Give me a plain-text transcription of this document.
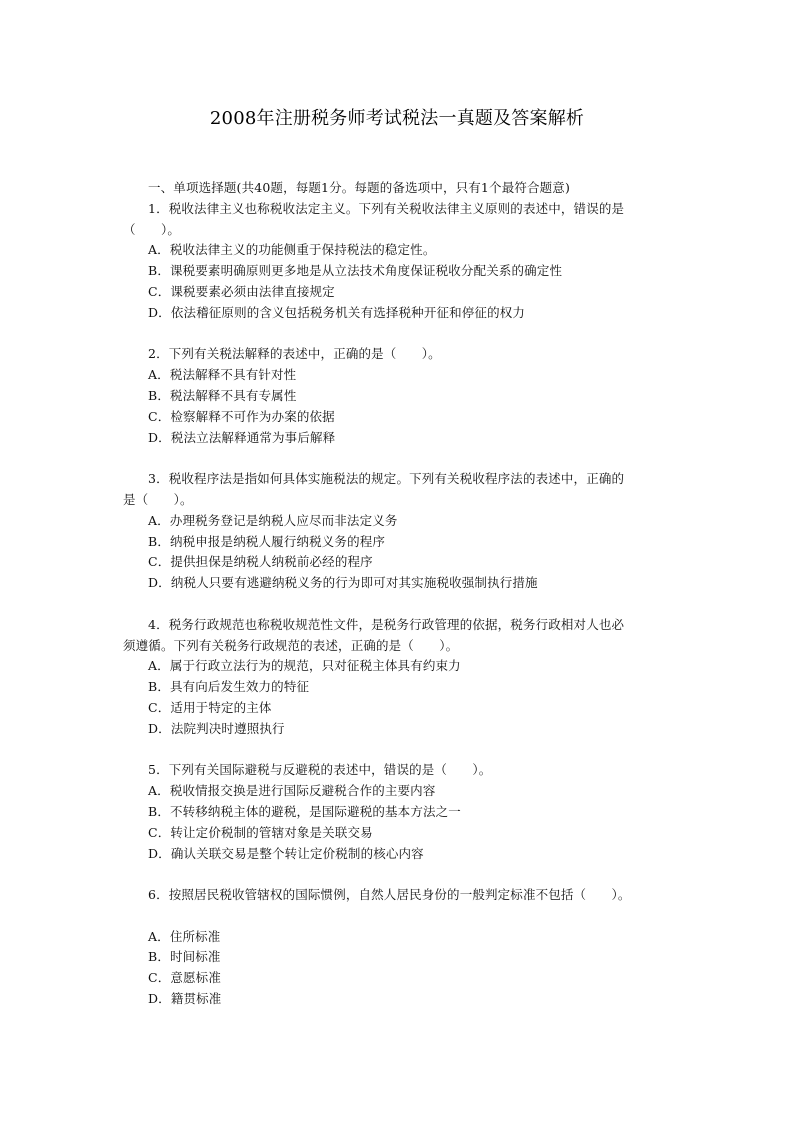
2008年注册税务师考试税法一真题及答案解析
一、单项选择题(共40题，每题1分。每题的备选项中，只有1个最符合题意)
1．税收法律主义也称税收法定主义。下列有关税收法律主义原则的表述中，错误的是
（　　）。
A．税收法律主义的功能侧重于保持税法的稳定性。
B．课税要素明确原则更多地是从立法技术角度保证税收分配关系的确定性
C．课税要素必须由法律直接规定
D．依法稽征原则的含义包括税务机关有选择税种开征和停征的权力
2．下列有关税法解释的表述中，正确的是（　　）。
A．税法解释不具有针对性
B．税法解释不具有专属性
C．检察解释不可作为办案的依据
D．税法立法解释通常为事后解释
3．税收程序法是指如何具体实施税法的规定。下列有关税收程序法的表述中，正确的
是（　　）。
A．办理税务登记是纳税人应尽而非法定义务
B．纳税申报是纳税人履行纳税义务的程序
C．提供担保是纳税人纳税前必经的程序
D．纳税人只要有逃避纳税义务的行为即可对其实施税收强制执行措施
4．税务行政规范也称税收规范性文件，是税务行政管理的依据，税务行政相对人也必
须遵循。下列有关税务行政规范的表述，正确的是（　　）。
A．属于行政立法行为的规范，只对征税主体具有约束力
B．具有向后发生效力的特征
C．适用于特定的主体
D．法院判决时遵照执行
5．下列有关国际避税与反避税的表述中，错误的是（　　）。
A．税收情报交换是进行国际反避税合作的主要内容
B．不转移纳税主体的避税，是国际避税的基本方法之一
C．转让定价税制的管辖对象是关联交易
D．确认关联交易是整个转让定价税制的核心内容
6．按照居民税收管辖权的国际惯例，自然人居民身份的一般判定标准不包括（　　）。
A．住所标准
B．时间标准
C．意愿标准
D．籍贯标准
